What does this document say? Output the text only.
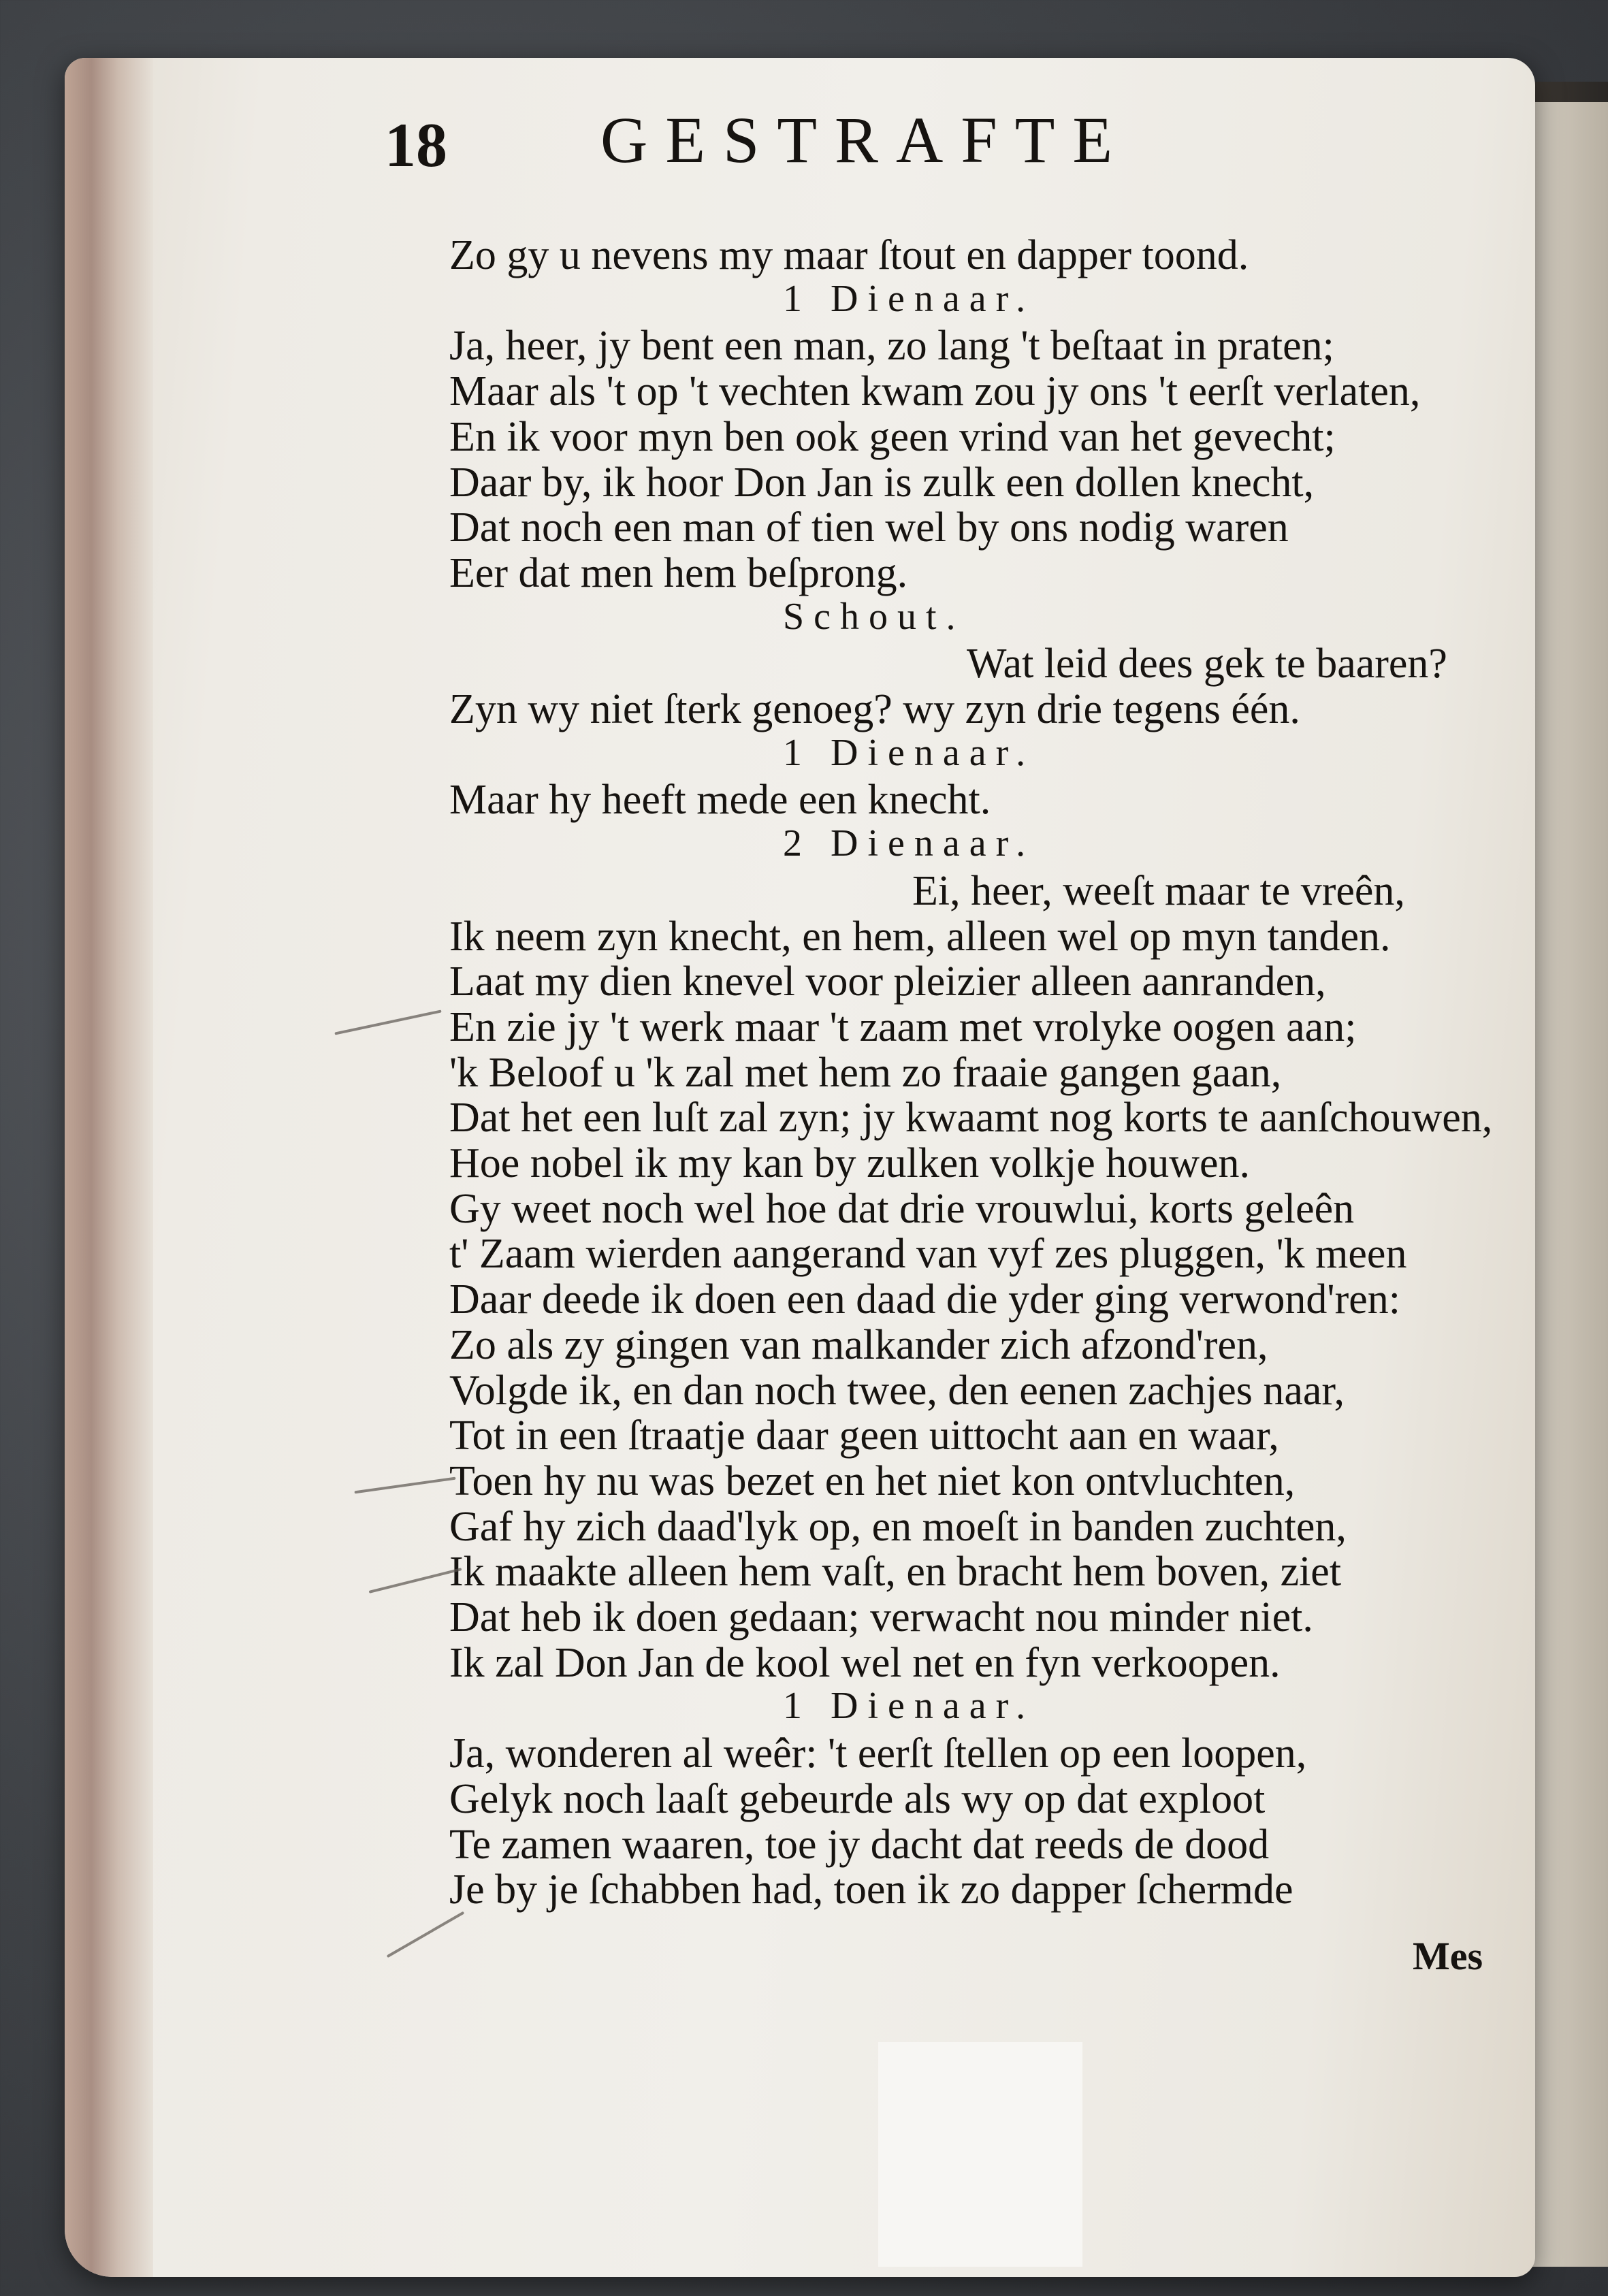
18	GESTRAFTE
Zo gy u nevens my maar ſtout en dapper toond.
1 Dienaar.
Ja, heer, jy bent een man, zo lang 't beſtaat in praten;
Maar als 't op 't vechten kwam zou jy ons 't eerſt verlaten,
En ik voor myn ben ook geen vrind van het gevecht;
Daar by, ik hoor Don Jan is zulk een dollen knecht,
Dat noch een man of tien wel by ons nodig waren
Eer dat men hem beſprong.
Schout.
Wat leid dees gek te baaren?
Zyn wy niet ſterk genoeg? wy zyn drie tegens één.
1 Dienaar.
Maar hy heeft mede een knecht.
2 Dienaar.
Ei, heer, weeſt maar te vreên,
Ik neem zyn knecht, en hem, alleen wel op myn tanden.
Laat my dien knevel voor pleizier alleen aanranden,
En zie jy 't werk maar 't zaam met vrolyke oogen aan;
'k Beloof u 'k zal met hem zo fraaie gangen gaan,
Dat het een luſt zal zyn; jy kwaamt nog korts te aanſchouwen,
Hoe nobel ik my kan by zulken volkje houwen.
Gy weet noch wel hoe dat drie vrouwlui, korts geleên
t' Zaam wierden aangerand van vyf zes pluggen, 'k meen
Daar deede ik doen een daad die yder ging verwond'ren:
Zo als zy gingen van malkander zich afzond'ren,
Volgde ik, en dan noch twee, den eenen zachjes naar,
Tot in een ſtraatje daar geen uittocht aan en waar,
Toen hy nu was bezet en het niet kon ontvluchten,
Gaf hy zich daad'lyk op, en moeſt in banden zuchten,
Ik maakte alleen hem vaſt, en bracht hem boven, ziet
Dat heb ik doen gedaan; verwacht nou minder niet.
Ik zal Don Jan de kool wel net en fyn verkoopen.
1 Dienaar.
Ja, wonderen al weêr: 't eerſt ſtellen op een loopen,
Gelyk noch laaſt gebeurde als wy op dat exploot
Te zamen waaren, toe jy dacht dat reeds de dood
Je by je ſchabben had, toen ik zo dapper ſchermde
Mes
